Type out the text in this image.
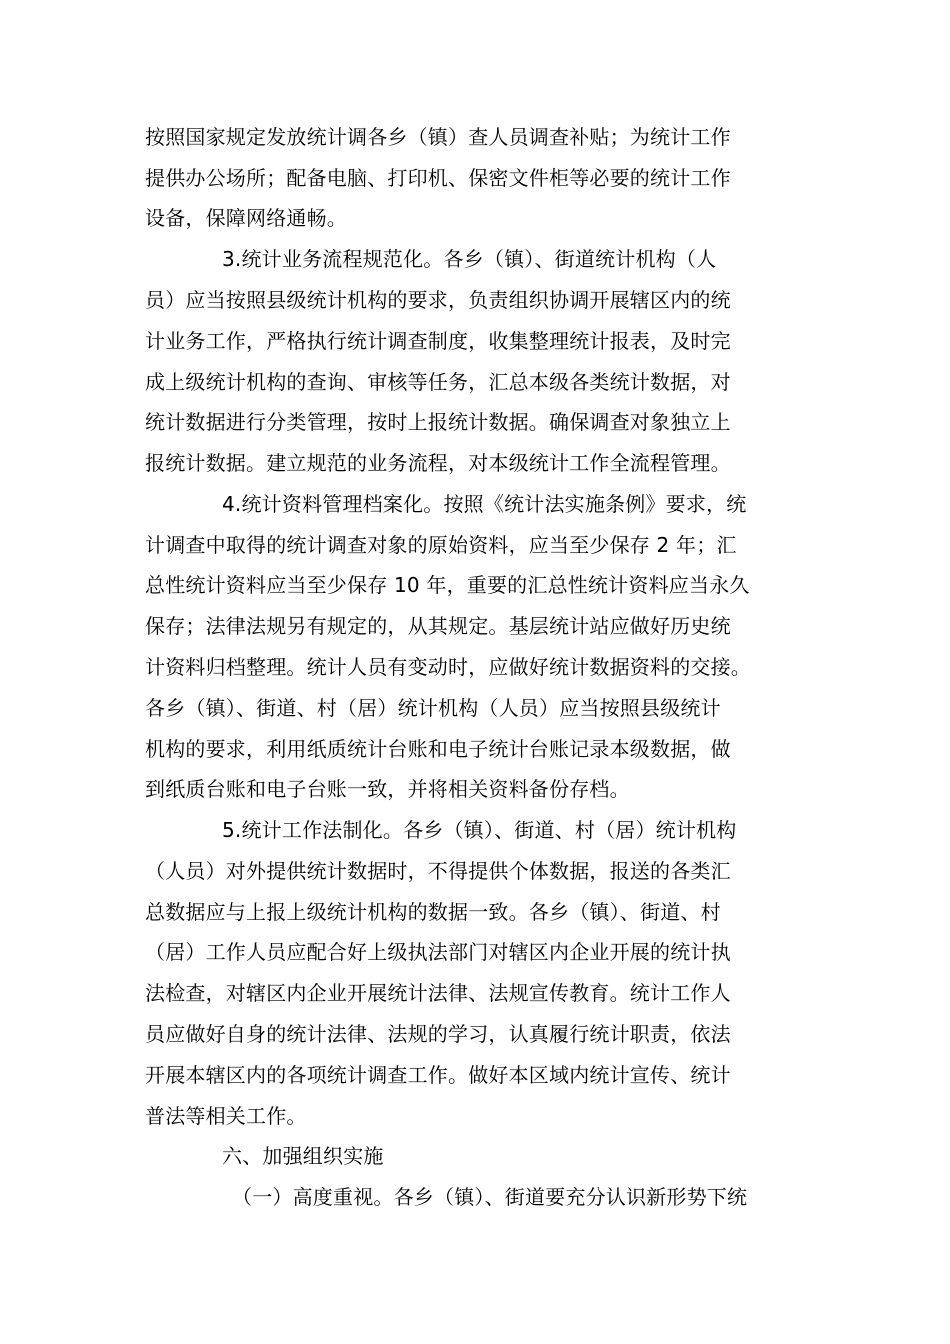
按照国家规定发放统计调各乡（镇）查人员调查补贴；为统计工作
提供办公场所；配备电脑、打印机、保密文件柜等必要的统计工作
设备，保障网络通畅。
3.统计业务流程规范化。各乡（镇）、街道统计机构（人
员）应当按照县级统计机构的要求，负责组织协调开展辖区内的统
计业务工作，严格执行统计调查制度，收集整理统计报表，及时完
成上级统计机构的查询、审核等任务，汇总本级各类统计数据，对
统计数据进行分类管理，按时上报统计数据。确保调查对象独立上
报统计数据。建立规范的业务流程，对本级统计工作全流程管理。
4.统计资料管理档案化。按照《统计法实施条例》要求，统
计调查中取得的统计调查对象的原始资料，应当至少保存 2 年；汇
总性统计资料应当至少保存 10 年，重要的汇总性统计资料应当永久
保存；法律法规另有规定的，从其规定。基层统计站应做好历史统
计资料归档整理。统计人员有变动时，应做好统计数据资料的交接。
各乡（镇）、街道、村（居）统计机构（人员）应当按照县级统计
机构的要求，利用纸质统计台账和电子统计台账记录本级数据，做
到纸质台账和电子台账一致，并将相关资料备份存档。
5.统计工作法制化。各乡（镇）、街道、村（居）统计机构
（人员）对外提供统计数据时，不得提供个体数据，报送的各类汇
总数据应与上报上级统计机构的数据一致。各乡（镇）、街道、村
（居）工作人员应配合好上级执法部门对辖区内企业开展的统计执
法检查，对辖区内企业开展统计法律、法规宣传教育。统计工作人
员应做好自身的统计法律、法规的学习，认真履行统计职责，依法
开展本辖区内的各项统计调查工作。做好本区域内统计宣传、统计
普法等相关工作。
六、加强组织实施
（一）高度重视。各乡（镇）、街道要充分认识新形势下统
